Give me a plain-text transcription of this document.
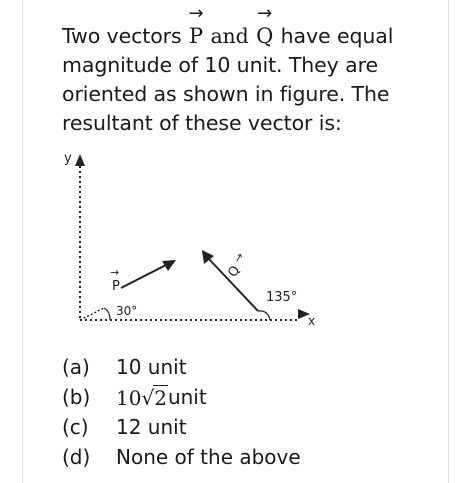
Two vectors
→
P and
→
Q have equal
magnitude of 10 unit. They are
oriented as shown in figure. The
resultant of these vector is:
y
x
P
→
30°
Q
→
135°
(a)	10 unit
(b)	10√2 unit
(c)	12 unit
(d)	None of the above
